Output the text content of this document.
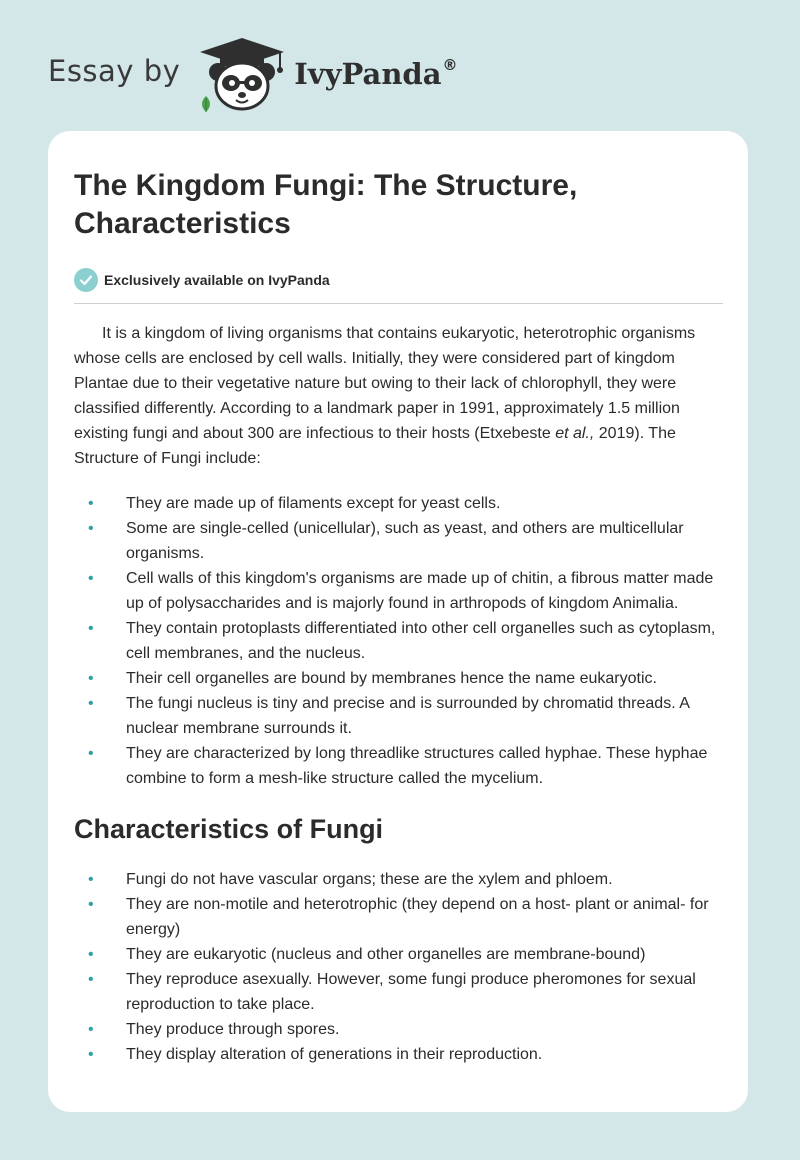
Essay by	IvyPanda®
The Kingdom Fungi: The Structure, Characteristics
Exclusively available on IvyPanda

It is a kingdom of living organisms that contains eukaryotic, heterotrophic organisms whose cells are enclosed by cell walls. Initially, they were considered part of kingdom Plantae due to their vegetative nature but owing to their lack of chlorophyll, they were classified differently. According to a landmark paper in 1991, approximately 1.5 million existing fungi and about 300 are infectious to their hosts (Etxebeste et al., 2019). The Structure of Fungi include:

• They are made up of filaments except for yeast cells.
• Some are single-celled (unicellular), such as yeast, and others are multicellular organisms.
• Cell walls of this kingdom's organisms are made up of chitin, a fibrous matter made up of polysaccharides and is majorly found in arthropods of kingdom Animalia.
• They contain protoplasts differentiated into other cell organelles such as cytoplasm, cell membranes, and the nucleus.
• Their cell organelles are bound by membranes hence the name eukaryotic.
• The fungi nucleus is tiny and precise and is surrounded by chromatid threads. A nuclear membrane surrounds it.
• They are characterized by long threadlike structures called hyphae. These hyphae combine to form a mesh-like structure called the mycelium.
Characteristics of Fungi
• Fungi do not have vascular organs; these are the xylem and phloem.
• They are non-motile and heterotrophic (they depend on a host- plant or animal- for energy)
• They are eukaryotic (nucleus and other organelles are membrane-bound)
• They reproduce asexually. However, some fungi produce pheromones for sexual reproduction to take place.
• They produce through spores.
• They display alteration of generations in their reproduction.
